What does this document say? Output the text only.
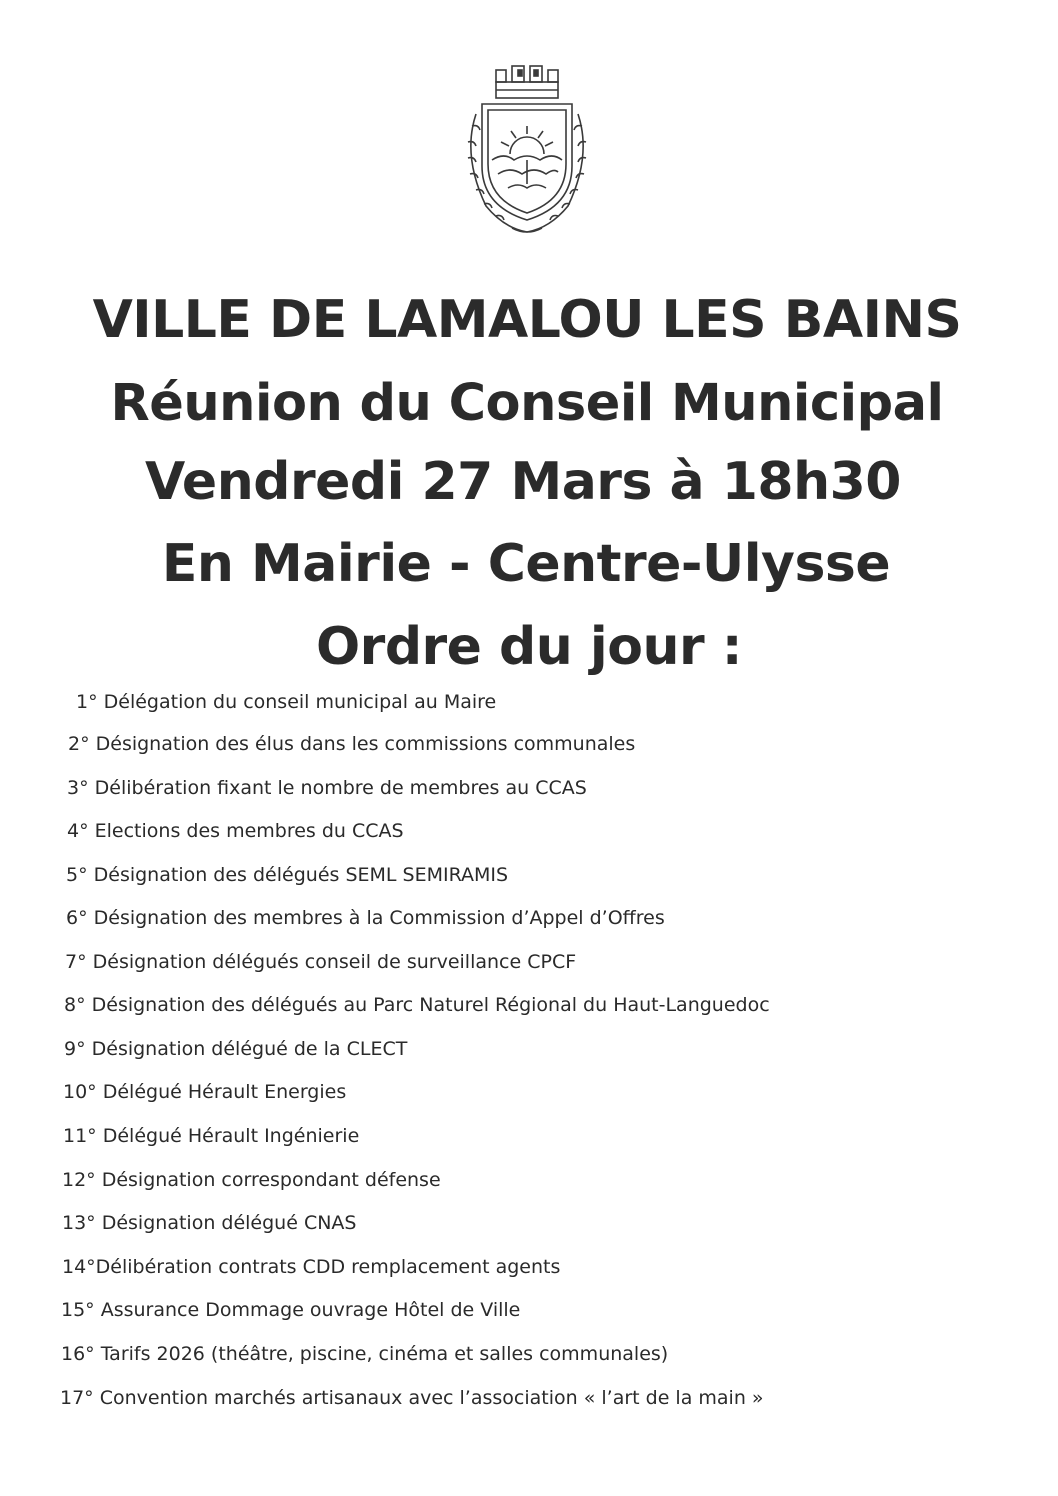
VILLE DE LAMALOU LES BAINS
Réunion du Conseil Municipal
Vendredi 27 Mars à 18h30
En Mairie - Centre-Ulysse
Ordre du jour :
1° Délégation du conseil municipal au Maire
2° Désignation des élus dans les commissions communales
3° Délibération fixant le nombre de membres au CCAS
4° Elections des membres du CCAS
5° Désignation des délégués SEML SEMIRAMIS
6° Désignation des membres à la Commission d’Appel d’Offres
7° Désignation délégués conseil de surveillance CPCF
8° Désignation des délégués au Parc Naturel Régional du Haut-Languedoc
9° Désignation délégué de la CLECT
10° Délégué Hérault Energies
11° Délégué Hérault Ingénierie
12° Désignation correspondant défense
13° Désignation délégué CNAS
14°Délibération contrats CDD remplacement agents
15° Assurance Dommage ouvrage Hôtel de Ville
16° Tarifs 2026 (théâtre, piscine, cinéma et salles communales)
17° Convention marchés artisanaux avec l’association « l’art de la main »
